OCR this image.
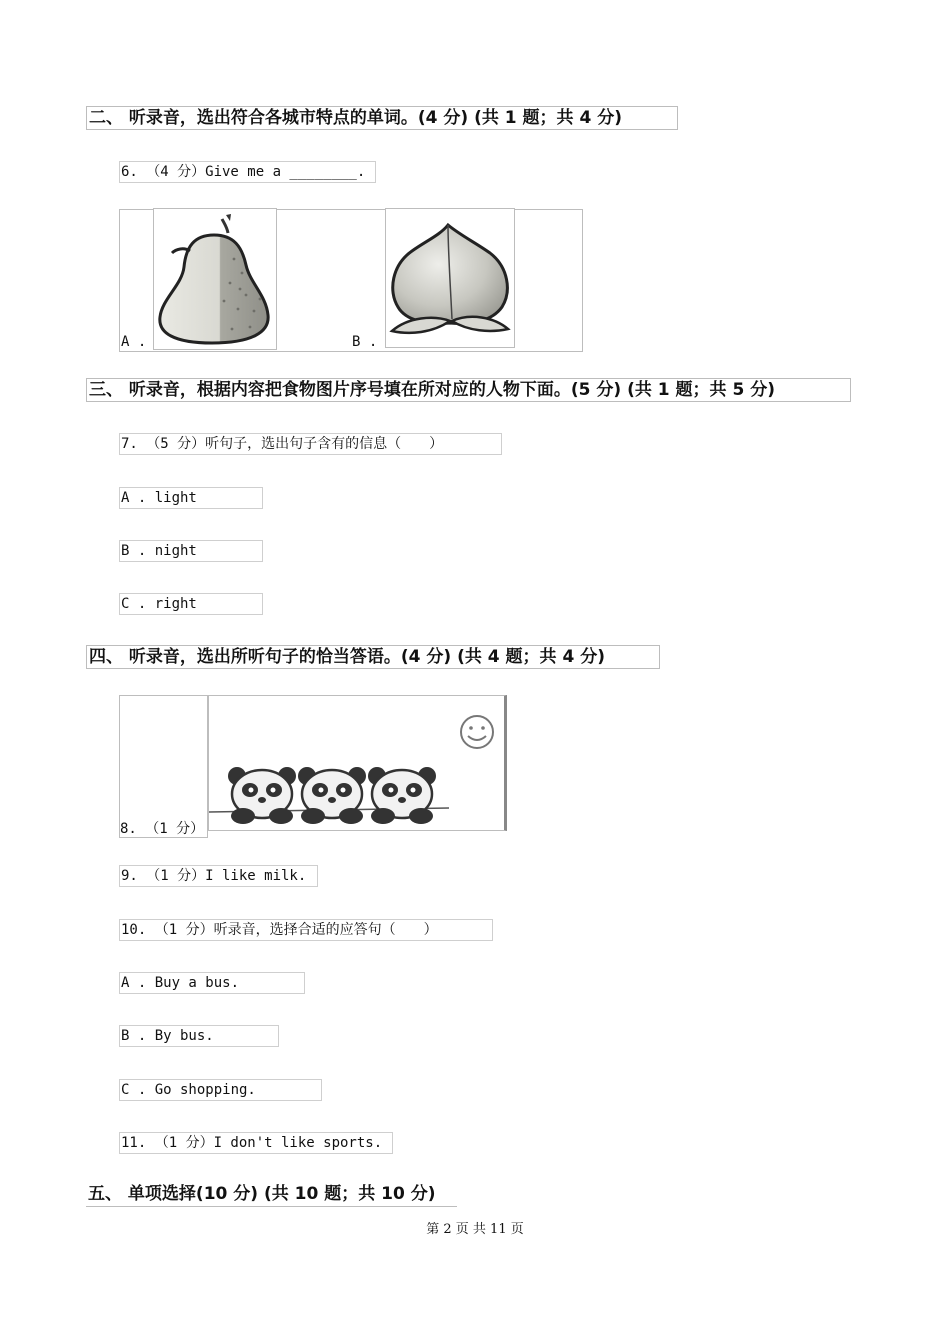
二、 听录音，选出符合各城市特点的单词。(4 分) (共 1 题；共 4 分)
6. （4 分）Give me a ________.
A .	B .
三、 听录音，根据内容把食物图片序号填在所对应的人物下面。(5 分) (共 1 题；共 5 分)
7. （5 分）听句子，选出句子含有的信息（　　）
A . light
B . night
C . right
四、 听录音，选出所听句子的恰当答语。(4 分) (共 4 题；共 4 分)
8. （1 分）
9. （1 分）I like milk.
10. （1 分）听录音，选择合适的应答句（　　）
A . Buy a bus.
B . By bus.
C . Go shopping.
11. （1 分）I don't like sports.
五、 单项选择(10 分) (共 10 题；共 10 分)
第 2 页 共 11 页
